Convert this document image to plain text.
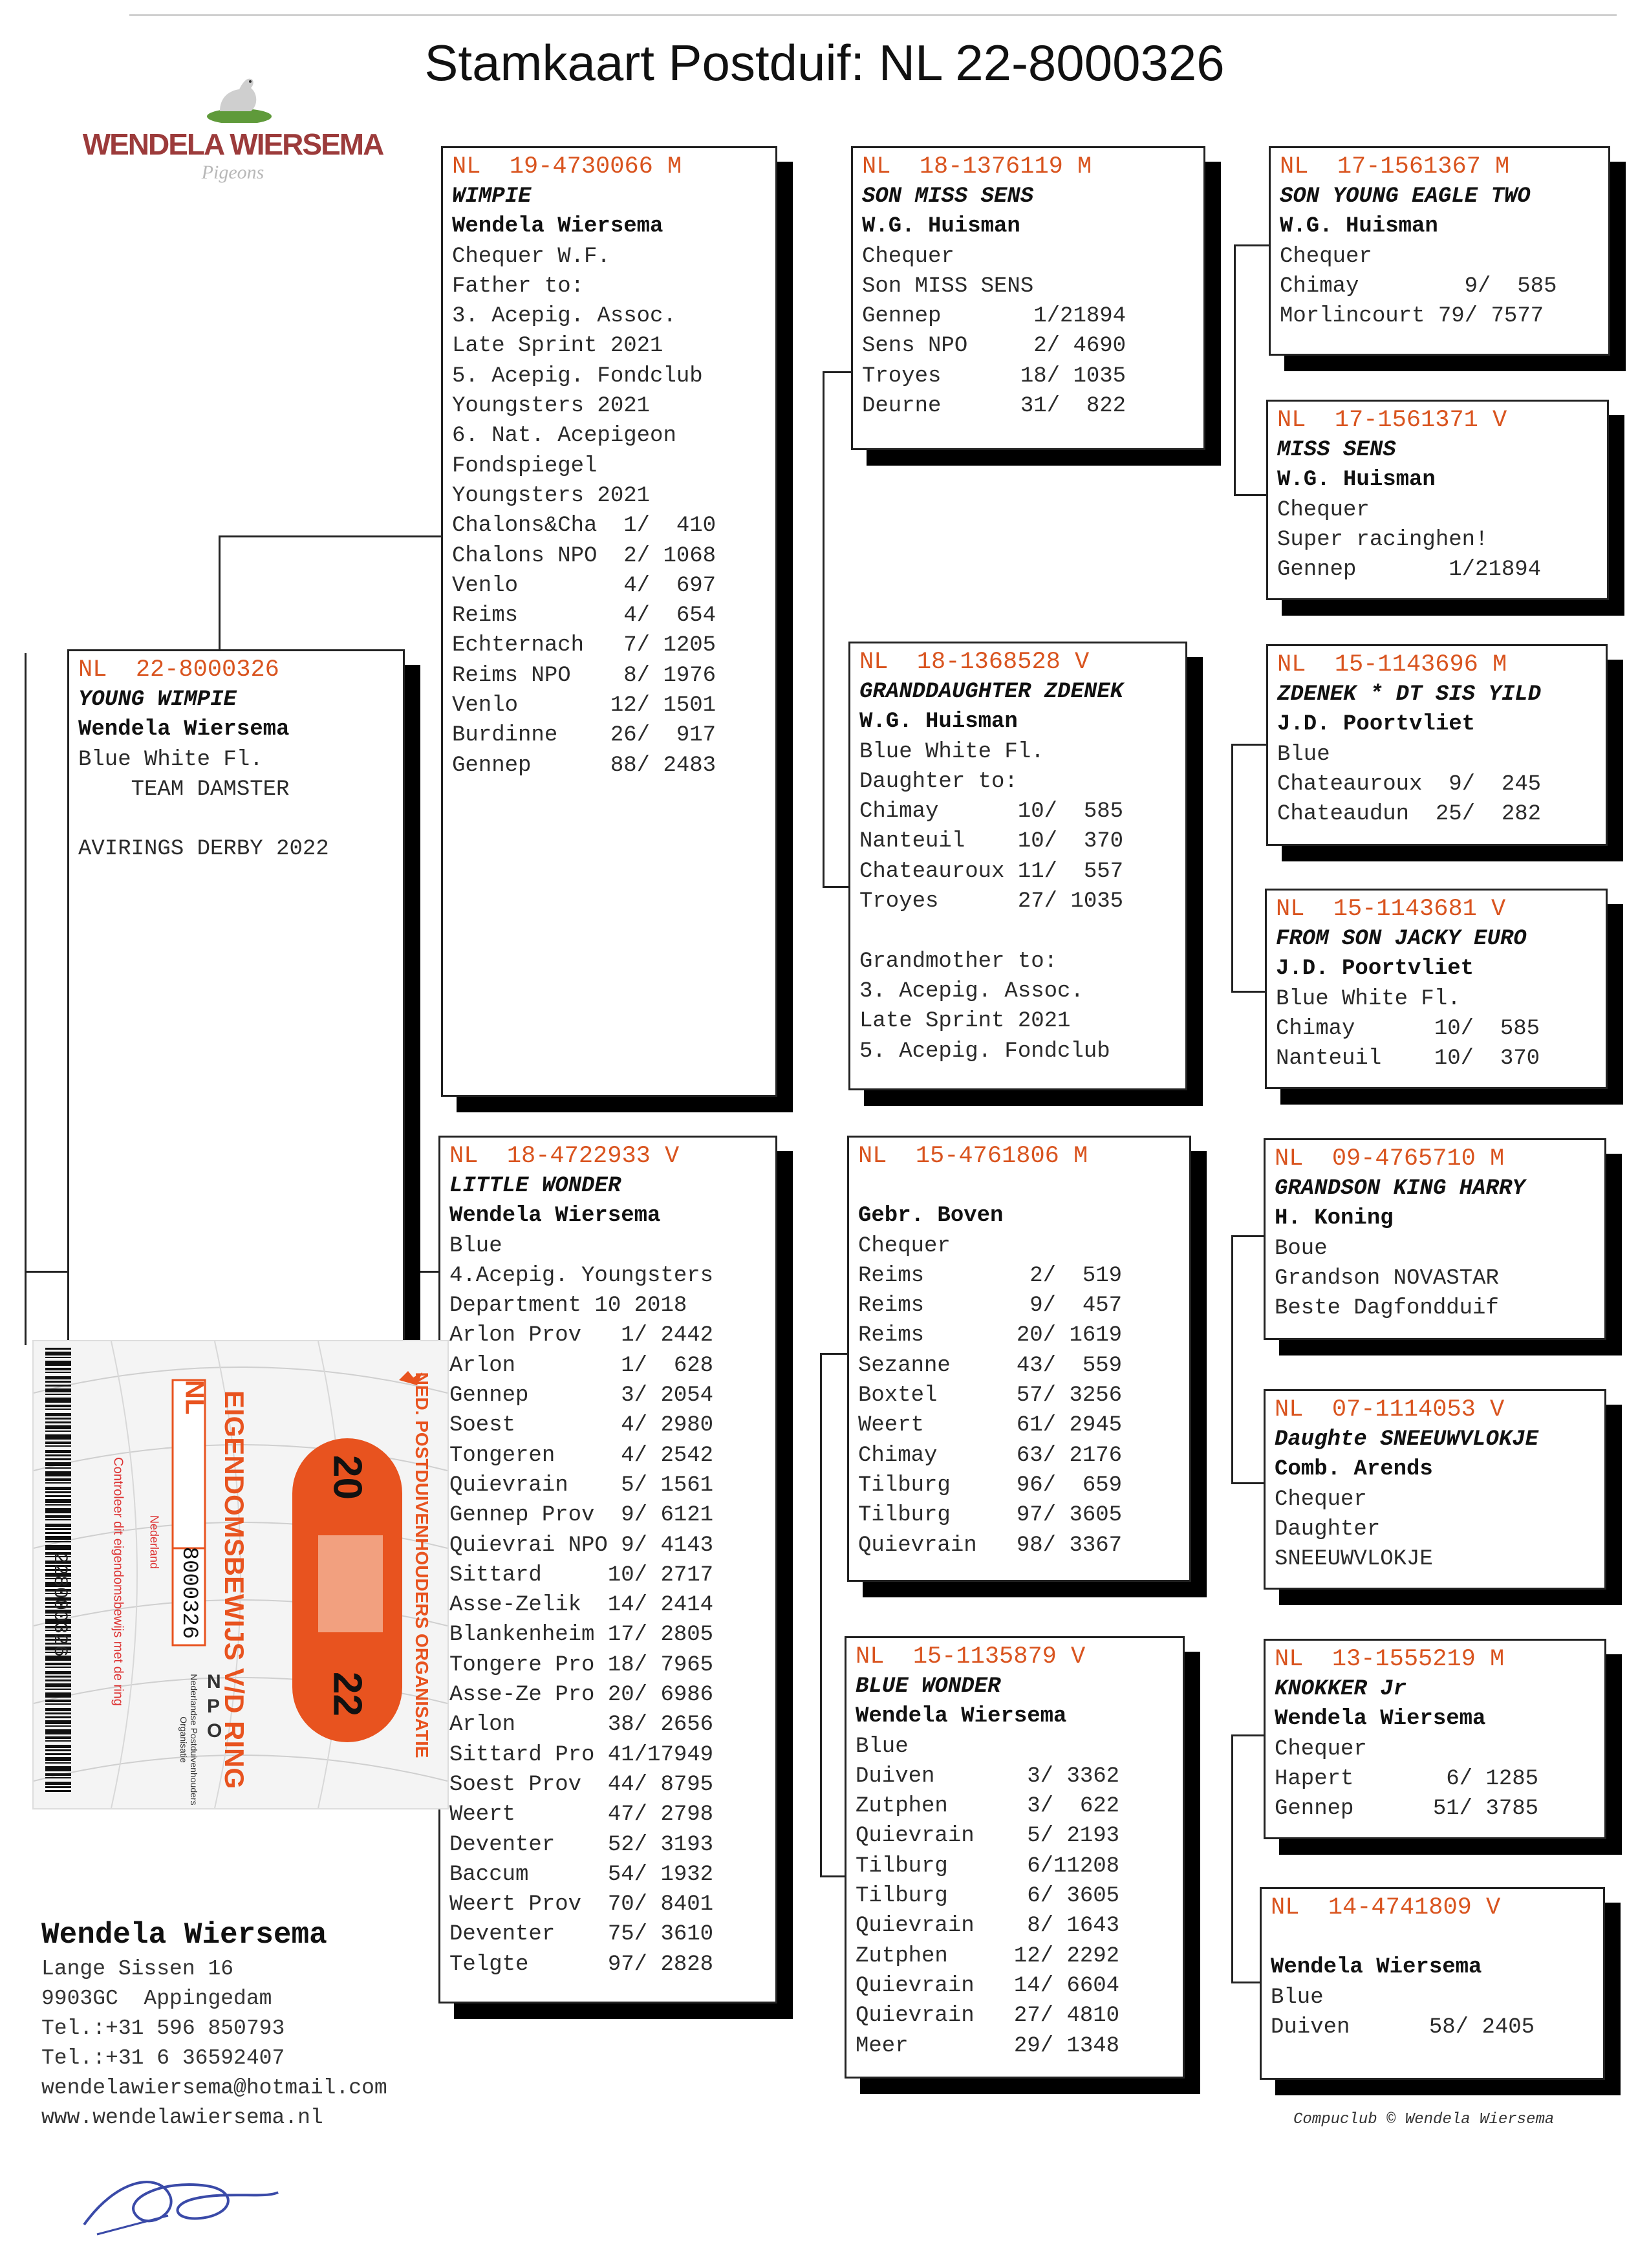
Stamkaart Postduif: NL 22-8000326
WENDELA WIERSEMA
Pigeons
NL  22-8000326
YOUNG WIMPIE
Wendela Wiersema
Blue White Fl.
TEAM DAMSTER

AVIRINGS DERBY 2022
NL  19-4730066 M
WIMPIE
Wendela Wiersema
Chequer W.F.
Father to:
3. Acepig. Assoc.
Late Sprint 2021
5. Acepig. Fondclub
Youngsters 2021
6. Nat. Acepigeon
Fondspiegel
Youngsters 2021
Chalons&Cha  1/  410
Chalons NPO  2/ 1068
Venlo        4/  697
Reims        4/  654
Echternach   7/ 1205
Reims NPO    8/ 1976
Venlo       12/ 1501
Burdinne    26/  917
Gennep      88/ 2483
NL  18-4722933 V
LITTLE WONDER
Wendela Wiersema
Blue
4.Acepig. Youngsters
Department 10 2018
Arlon Prov   1/ 2442
Arlon        1/  628
Gennep       3/ 2054
Soest        4/ 2980
Tongeren     4/ 2542
Quievrain    5/ 1561
Gennep Prov  9/ 6121
Quievrai NPO 9/ 4143
Sittard     10/ 2717
Asse-Zelik  14/ 2414
Blankenheim 17/ 2805
Tongere Pro 18/ 7965
Asse-Ze Pro 20/ 6986
Arlon       38/ 2656
Sittard Pro 41/17949
Soest Prov  44/ 8795
Weert       47/ 2798
Deventer    52/ 3193
Baccum      54/ 1932
Weert Prov  70/ 8401
Deventer    75/ 3610
Telgte      97/ 2828
NL  18-1376119 M
SON MISS SENS
W.G. Huisman
Chequer
Son MISS SENS
Gennep       1/21894
Sens NPO     2/ 4690
Troyes      18/ 1035
Deurne      31/  822
NL  18-1368528 V
GRANDDAUGHTER ZDENEK
W.G. Huisman
Blue White Fl.
Daughter to:
Chimay      10/  585
Nanteuil    10/  370
Chateauroux 11/  557
Troyes      27/ 1035

Grandmother to:
3. Acepig. Assoc.
Late Sprint 2021
5. Acepig. Fondclub
NL  15-4761806 M

Gebr. Boven
Chequer
Reims        2/  519
Reims        9/  457
Reims       20/ 1619
Sezanne     43/  559
Boxtel      57/ 3256
Weert       61/ 2945
Chimay      63/ 2176
Tilburg     96/  659
Tilburg     97/ 3605
Quievrain   98/ 3367
NL  15-1135879 V
BLUE WONDER
Wendela Wiersema
Blue
Duiven       3/ 3362
Zutphen      3/  622
Quievrain    5/ 2193
Tilburg      6/11208
Tilburg      6/ 3605
Quievrain    8/ 1643
Zutphen     12/ 2292
Quievrain   14/ 6604
Quievrain   27/ 4810
Meer        29/ 1348
NL  17-1561367 M
SON YOUNG EAGLE TWO
W.G. Huisman
Chequer
Chimay        9/  585
Morlincourt 79/ 7577
NL  17-1561371 V
MISS SENS
W.G. Huisman
Chequer
Super racinghen!
Gennep       1/21894
NL  15-1143696 M
ZDENEK * DT SIS YILD
J.D. Poortvliet
Blue
Chateauroux  9/  245
Chateaudun  25/  282
NL  15-1143681 V
FROM SON JACKY EURO
J.D. Poortvliet
Blue White Fl.
Chimay      10/  585
Nanteuil    10/  370
NL  09-4765710 M
GRANDSON KING HARRY
H. Koning
Boue
Grandson NOVASTAR
Beste Dagfondduif
NL  07-1114053 V
Daughte SNEEUWVLOKJE
Comb. Arends
Chequer
Daughter
SNEEUWVLOKJE
NL  13-1555219 M
KNOKKER Jr
Wendela Wiersema
Chequer
Hapert       6/ 1285
Gennep      51/ 3785
NL  14-4741809 V

Wendela Wiersema
Blue
Duiven      58/ 2405
228000326	Controleer dit eigendomsbewijs met de ring Nederland
NL
8000326 EIGENDOMSBEWIJS V/D RING	NED. POSTDUIVENHOUDERS ORGANISATIE
20
22
Nederlandse Postduivenhouders Organisatie
N
P
O
Wendela Wiersema
Lange Sissen 16
9903GC  Appingedam
Tel.:+31 596 850793
Tel.:+31 6 36592407
wendelawiersema@hotmail.com
www.wendelawiersema.nl	Compuclub © Wendela Wiersema
